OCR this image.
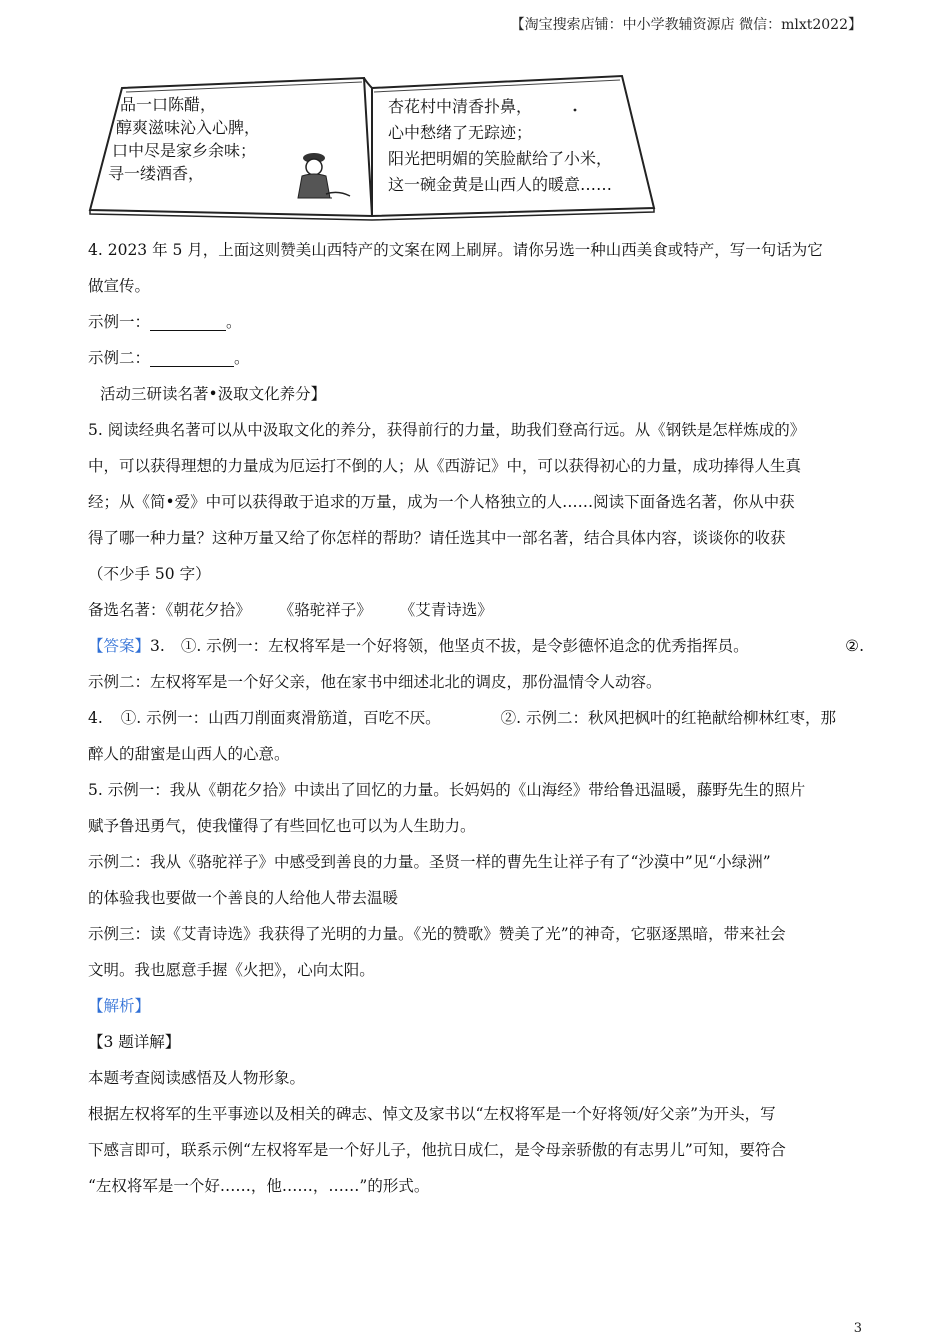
【淘宝搜索店铺：中小学教辅资源店 微信：mlxt2022】
品一口陈醋，
醇爽滋味沁入心脾，
口中尽是家乡余味；
寻一缕酒香，
杏花村中清香扑鼻，
心中愁绪了无踪迹；
阳光把明媚的笑脸献给了小米，
这一碗金黄是山西人的暖意……
4. 2023 年 5 月，上面这则赞美山西特产的文案在网上刷屏。请你另选一种山西美食或特产，写一句话为它
做宣传。
示例一：	。
示例二：	。
活动三研读名著•汲取文化养分】
5. 阅读经典名著可以从中汲取文化的养分，获得前行的力量，助我们登高行远。从《钢铁是怎样炼成的》
中，可以获得理想的力量成为厄运打不倒的人；从《西游记》中，可以获得初心的力量，成功捧得人生真
经；从《简•爱》中可以获得敢于追求的万量，成为一个人格独立的人……阅读下面备选名著，你从中获
得了哪一种力量？这种万量又给了你怎样的帮助？请任选其中一部名著，结合具体内容，谈谈你的收获
（不少手 50 字）
备选名著：《朝花夕拾》 《骆驼祥子》 《艾青诗选》
【答案】3. ①. 示例一：左权将军是一个好将领，他坚贞不拔，是令彭德怀追念的优秀指挥员。	②.
示例二：左权将军是一个好父亲，他在家书中细述北北的调皮，那份温情令人动容。
4. ①. 示例一：山西刀削面爽滑筋道，百吃不厌。	②. 示例二：秋风把枫叶的红艳献给柳林红枣，那
醉人的甜蜜是山西人的心意。
5. 示例一：我从《朝花夕拾》中读出了回忆的力量。长妈妈的《山海经》带给鲁迅温暖，藤野先生的照片
赋予鲁迅勇气，使我懂得了有些回忆也可以为人生助力。
示例二：我从《骆驼祥子》中感受到善良的力量。圣贤一样的曹先生让祥子有了“沙漠中”见“小绿洲”
的体验我也要做一个善良的人给他人带去温暖
示例三：读《艾青诗选》我获得了光明的力量。《光的赞歌》赞美了光”的神奇，它驱逐黑暗，带来社会
文明。我也愿意手握《火把》，心向太阳。
【解析】
【3 题详解】
本题考查阅读感悟及人物形象。
根据左权将军的生平事迹以及相关的碑志、悼文及家书以“左权将军是一个好将领/好父亲”为开头，写
下感言即可，联系示例“左权将军是一个好儿子，他抗日成仁，是令母亲骄傲的有志男儿”可知，要符合
“左权将军是一个好……，他……，……”的形式。
3
